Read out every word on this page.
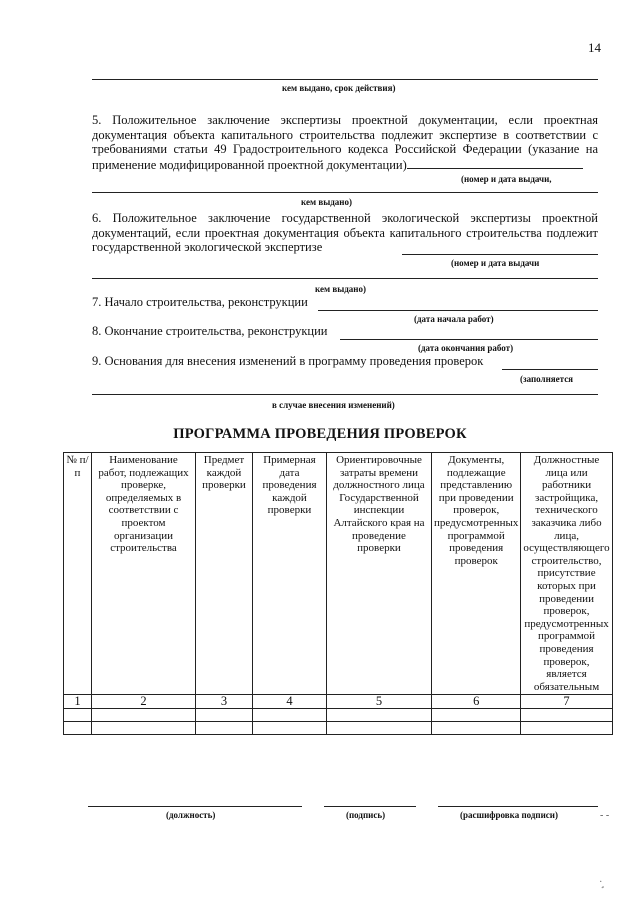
14
кем выдано, срок действия)
5. Положительное заключение экспертизы проектной документации, если проектная документация объекта капитального строительства подлежит экспертизе в соответствии с требованиями статьи 49 Градостроительного кодекса Российской Федерации (указание на применение модифицированной проектной документации)
(номер и дата выдачи,
кем выдано)
6. Положительное заключение государственной экологической экспертизы проектной документаций, если проектная документация объекта капитального строительства подлежит государственной экологической экспертизе
(номер и дата выдачи
кем выдано)
7. Начало строительства, реконструкции
(дата начала работ)
8. Окончание строительства, реконструкции
(дата окончания работ)
9. Основания для внесения изменений в программу проведения проверок
(заполняется
в случае внесения изменений)
ПРОГРАММА ПРОВЕДЕНИЯ ПРОВЕРОК
№ п/п	Наименование работ, подлежащих проверке, определяемых в соответствии с проектом организации строительства	Предмет каждой проверки	Примерная дата проведения каждой проверки	Ориентировочные затраты времени должностного лица Государственной инспекции Алтайского края на проведение проверки	Документы, подлежащие представлению при проведении проверок, предусмотренных программой проведения проверок	Должностные лица или работники застройщика, технического заказчика либо лица, осуществляющего строительство, присутствие которых при проведении проверок, предусмотренных программой проведения проверок, является обязательным
1	2	3	4	5	6	7

(должность)	(подпись)	(расшифровка подписи)	- -
· ,
